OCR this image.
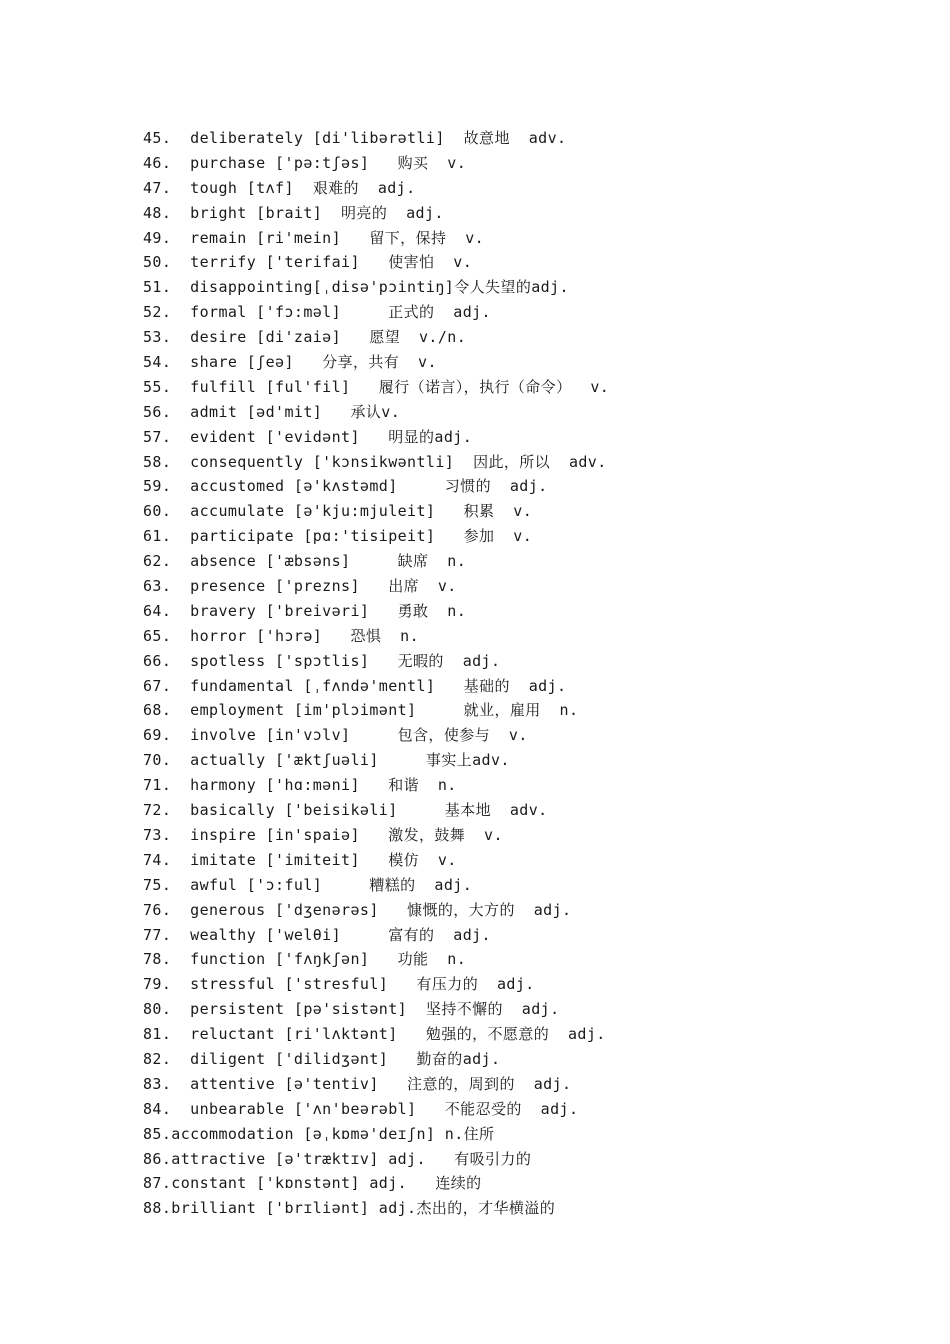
45.  deliberately [di'libərətli]  故意地  adv.
46.  purchase ['pə:tʃəs]   购买  v.
47.  tough [tʌf]  艰难的  adj.
48.  bright [brait]  明亮的  adj.
49.  remain [ri'mein]   留下，保持  v.
50.  terrify ['terifai]   使害怕  v.
51.  disappointing[ˌdisə'pɔintiŋ]令人失望的adj.
52.  formal ['fɔ:məl]     正式的  adj.
53.  desire [di'zaiə]   愿望  v./n.
54.  share [ʃeə]   分享，共有  v.
55.  fulfill [ful'fil]   履行（诺言），执行（命令）  v.
56.  admit [əd'mit]   承认v.
57.  evident ['evidənt]   明显的adj.
58.  consequently ['kɔnsikwəntli]  因此，所以  adv.
59.  accustomed [ə'kʌstəmd]     习惯的  adj.
60.  accumulate [ə'kju:mjuleit]   积累  v.
61.  participate [pɑ:'tisipeit]   参加  v.
62.  absence ['æbsəns]     缺席  n.
63.  presence ['prezns]   出席  v.
64.  bravery ['breivəri]   勇敢  n.
65.  horror ['hɔrə]   恐惧  n.
66.  spotless ['spɔtlis]   无暇的  adj.
67.  fundamental [ˌfʌndə'mentl]   基础的  adj.
68.  employment [im'plɔimənt]     就业，雇用  n.
69.  involve [in'vɔlv]     包含，使参与  v.
70.  actually ['æktʃuəli]     事实上adv.
71.  harmony ['hɑ:məni]   和谐  n.
72.  basically ['beisikəli]     基本地  adv.
73.  inspire [in'spaiə]   激发，鼓舞  v.
74.  imitate ['imiteit]   模仿  v.
75.  awful ['ɔ:ful]     糟糕的  adj.
76.  generous ['dʒenərəs]   慷慨的，大方的  adj.
77.  wealthy ['welθi]     富有的  adj.
78.  function ['fʌŋkʃən]   功能  n.
79.  stressful ['stresful]   有压力的  adj.
80.  persistent [pə'sistənt]  坚持不懈的  adj.
81.  reluctant [ri'lʌktənt]   勉强的，不愿意的  adj.
82.  diligent ['dilidʒənt]   勤奋的adj.
83.  attentive [ə'tentiv]   注意的，周到的  adj.
84.  unbearable ['ʌn'beərəbl]   不能忍受的  adj.
85.accommodation [əˌkɒmə'deɪʃn] n.住所
86.attractive [ə'træktɪv] adj.   有吸引力的
87.constant ['kɒnstənt] adj.   连续的
88.brilliant ['brɪliənt] adj.杰出的，才华横溢的
